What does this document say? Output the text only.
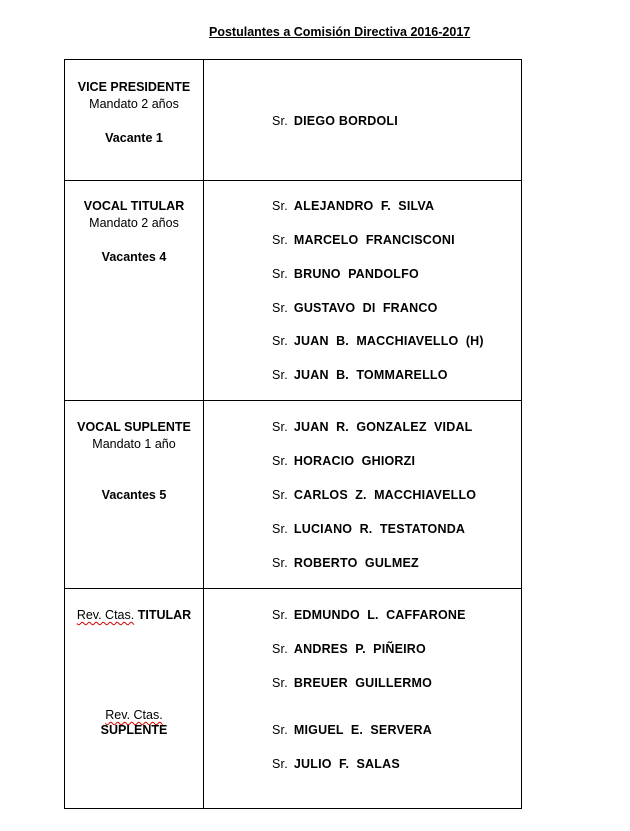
Postulantes a Comisión Directiva 2016-2017
VICE PRESIDENTE
Mandato 2 años
Vacante 1
Sr. DIEGO BORDOLI
VOCAL TITULAR
Mandato 2 años
Vacantes 4
Sr. ALEJANDRO  F.  SILVA
Sr. MARCELO  FRANCISCONI
Sr. BRUNO  PANDOLFO
Sr. GUSTAVO  DI  FRANCO
Sr. JUAN  B.  MACCHIAVELLO  (H)
Sr. JUAN  B.  TOMMARELLO
VOCAL SUPLENTE
Mandato 1 año
Vacantes 5
Sr. JUAN  R.  GONZALEZ  VIDAL
Sr. HORACIO  GHIORZI
Sr. CARLOS  Z.  MACCHIAVELLO
Sr. LUCIANO  R.  TESTATONDA
Sr. ROBERTO  GULMEZ
Rev. Ctas. TITULAR
Rev. Ctas.
SUPLENTE
Sr. EDMUNDO  L.  CAFFARONE
Sr. ANDRES  P.  PIÑEIRO
Sr. BREUER  GUILLERMO
Sr. MIGUEL  E.  SERVERA
Sr. JULIO  F.  SALAS
